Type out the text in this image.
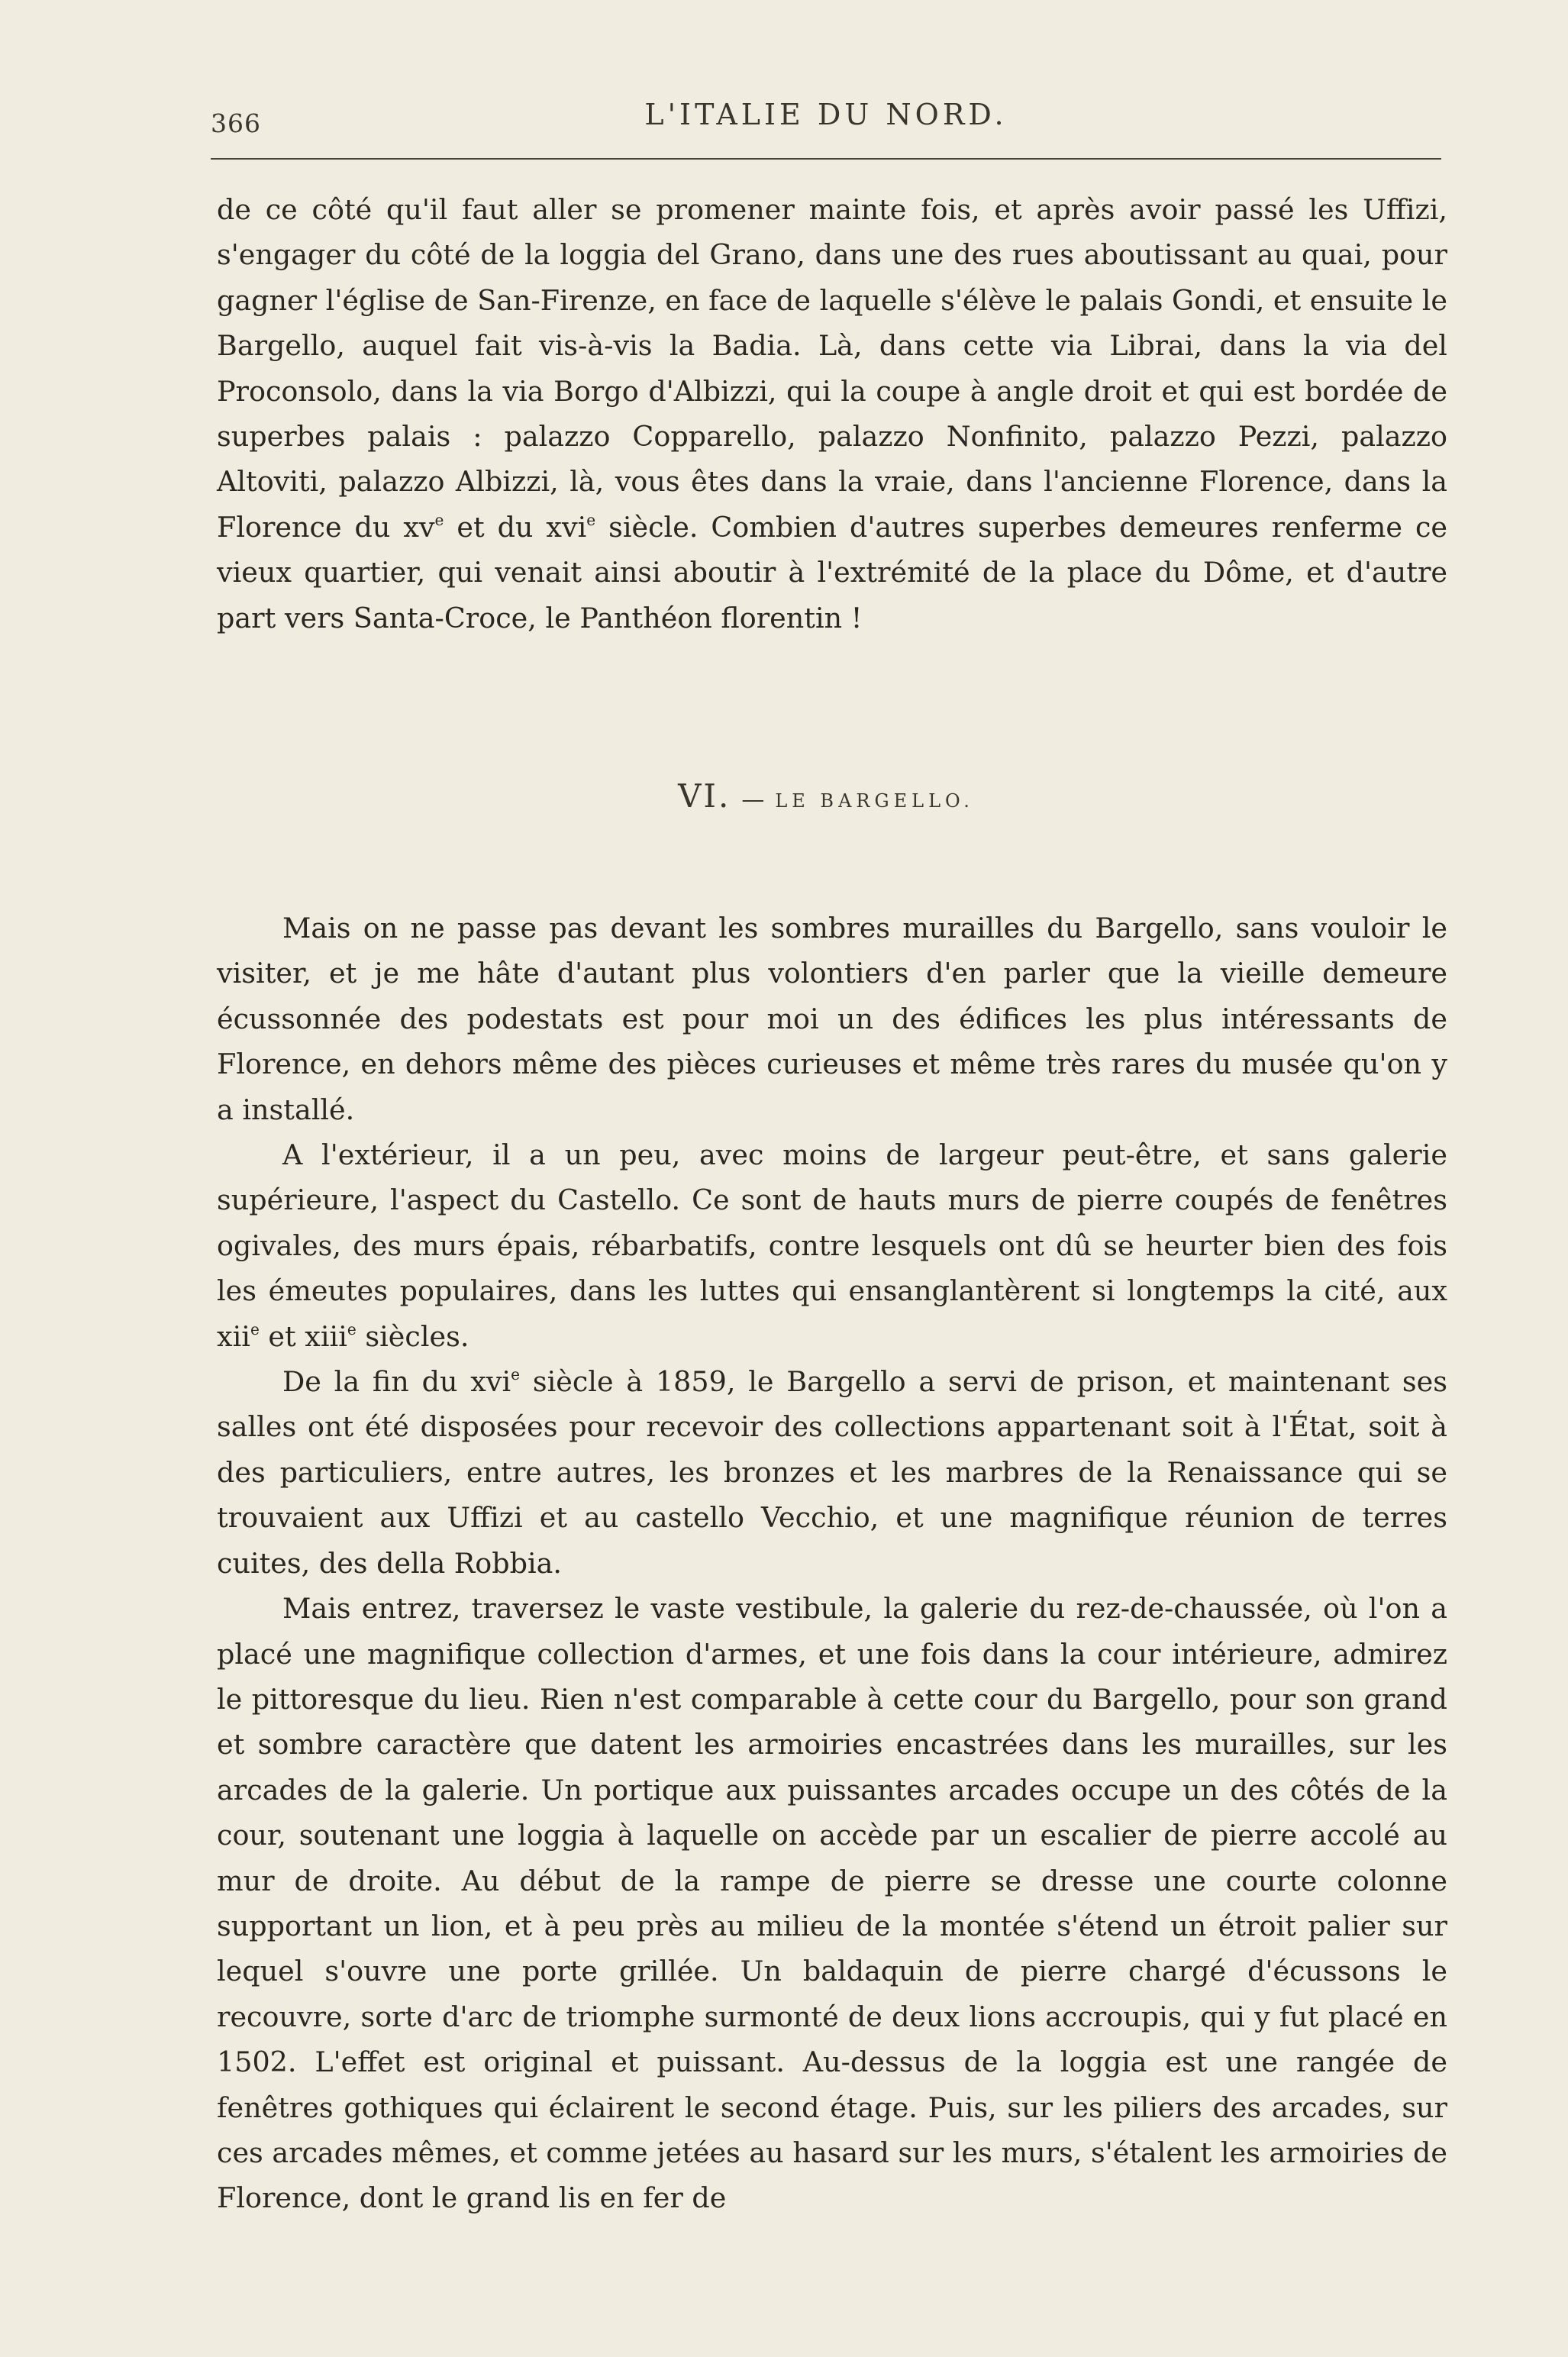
366	L'ITALIE DU NORD.

de ce côté qu'il faut aller se promener mainte fois, et après avoir passé les Uffizi, s'engager du côté de la loggia del Grano, dans une des rues aboutissant au quai, pour gagner l'église de San-Firenze, en face de laquelle s'élève le palais Gondi, et ensuite le Bargello, auquel fait vis-à-vis la Badia. Là, dans cette via Librai, dans la via del Proconsolo, dans la via Borgo d'Albizzi, qui la coupe à angle droit et qui est bordée de superbes palais : palazzo Copparello, palazzo Nonfinito, palazzo Pezzi, palazzo Altoviti, palazzo Albizzi, là, vous êtes dans la vraie, dans l'ancienne Florence, dans la Florence du $xv^e$ et du xvi$^e$ siècle. Combien d'autres superbes demeures renferme ce vieux quartier, qui venait ainsi aboutir à l'extrémité de la place du Dôme, et d'autre part vers Santa-Croce, le Panthéon florentin !

VI. — LE BARGELLO.

Mais on ne passe pas devant les sombres murailles du Bargello, sans vouloir le visiter, et je me hâte d'autant plus volontiers d'en parler que la vieille demeure écussonnée des podestats est pour moi un des édifices les plus intéressants de Florence, en dehors même des pièces curieuses et même très rares du musée qu'on y a installé.

A l'extérieur, il a un peu, avec moins de largeur peut-être, et sans galerie supérieure, l'aspect du Castello. Ce sont de hauts murs de pierre coupés de fenêtres ogivales, des murs épais, rébarbatifs, contre lesquels ont dû se heurter bien des fois les émeutes populaires, dans les luttes qui ensanglantèrent si longtemps la cité, aux xii$^e$ et xiii$^e$ siècles.

De la fin du xvi$^e$ siècle à 1859, le Bargello a servi de prison, et maintenant ses salles ont été disposées pour recevoir des collections appartenant soit à l'État, soit à des particuliers, entre autres, les bronzes et les marbres de la Renaissance qui se trouvaient aux Uffizi et au castello Vecchio, et une magnifique réunion de terres cuites, des della Robbia.

Mais entrez, traversez le vaste vestibule, la galerie du rez-de-chaussée, où l'on a placé une magnifique collection d'armes, et une fois dans la cour intérieure, admirez le pittoresque du lieu. Rien n'est comparable à cette cour du Bargello, pour son grand et sombre caractère que datent les armoiries encastrées dans les murailles, sur les arcades de la galerie. Un portique aux puissantes arcades occupe un des côtés de la cour, soutenant une loggia à laquelle on accède par un escalier de pierre accolé au mur de droite. Au début de la rampe de pierre se dresse une courte colonne supportant un lion, et à peu près au milieu de la montée s'étend un étroit palier sur lequel s'ouvre une porte grillée. Un baldaquin de pierre chargé d'écussons le recouvre, sorte d'arc de triomphe surmonté de deux lions accroupis, qui y fut placé en 1502. L'effet est original et puissant. Au-dessus de la loggia est une rangée de fenêtres gothiques qui éclairent le second étage. Puis, sur les piliers des arcades, sur ces arcades mêmes, et comme jetées au hasard sur les murs, s'étalent les armoiries de Florence, dont le grand lis en fer de
